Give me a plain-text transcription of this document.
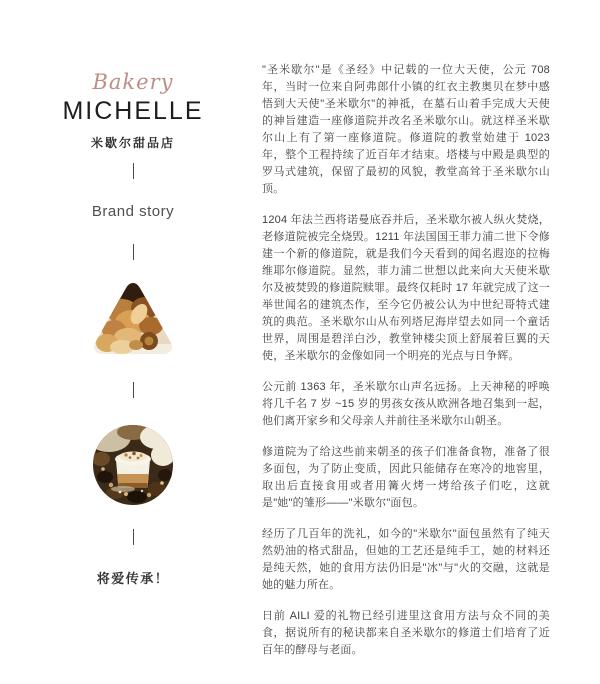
Bakery
MICHELLE
米歇尔甜品店
Brand story
将爱传承！

"圣米歇尔"是《圣经》中记载的一位大天使，公元 708 年，当时一位来自阿弗郎什小镇的红衣主教奥贝在梦中感悟到大天使"圣米歇尔"的神祗，在墓石山着手完成大天使的神旨建造一座修道院并改名圣米歇尔山。就这样圣米歇尔山上有了第一座修道院。修道院的教堂始建于 1023 年，整个工程持续了近百年才结束。塔楼与中殿是典型的罗马式建筑，保留了最初的风貌，教堂高耸于圣米歇尔山顶。

1204 年法兰西将诺曼底吞并后，圣米歇尔被人纵火焚烧，老修道院被完全烧毁。1211 年法国国王菲力浦二世下令修建一个新的修道院，就是我们今天看到的闻名遐迩的拉梅维耶尔修道院。显然，菲力浦二世想以此来向大天使米歇尔及被焚毁的修道院赎罪。最终仅耗时 17 年就完成了这一举世闻名的建筑杰作，至今它仍被公认为中世纪哥特式建筑的典范。圣米歇尔山从布列塔尼海岸望去如同一个童话世界，周围是碧洋白沙，教堂钟楼尖顶上舒展着巨翼的天使，圣米歇尔的金像如同一个明亮的光点与日争辉。

公元前 1363 年，圣米歇尔山声名远扬。上天神秘的呼唤将几千名 7 岁 ~15 岁的男孩女孩从欧洲各地召集到一起，他们离开家乡和父母亲人并前往圣米歇尔山朝圣。

修道院为了给这些前来朝圣的孩子们准备食物，准备了很多面包，为了防止变质，因此只能储存在寒冷的地窖里，取出后直接食用或者用篝火烤一烤给孩子们吃，这就是"她"的雏形——"米歇尔"面包。

经历了几百年的洗礼，如今的"米歇尔"面包虽然有了纯天然奶油的格式甜品，但她的工艺还是纯手工，她的材料还是纯天然，她的食用方法仍旧是"冰"与"火的交融，这就是她的魅力所在。

日前 AILI 爱的礼物已经引进里这食用方法与众不同的美食，据说所有的秘诀都来自圣米歇尔的修道士们培育了近百年的酵母与老面。
